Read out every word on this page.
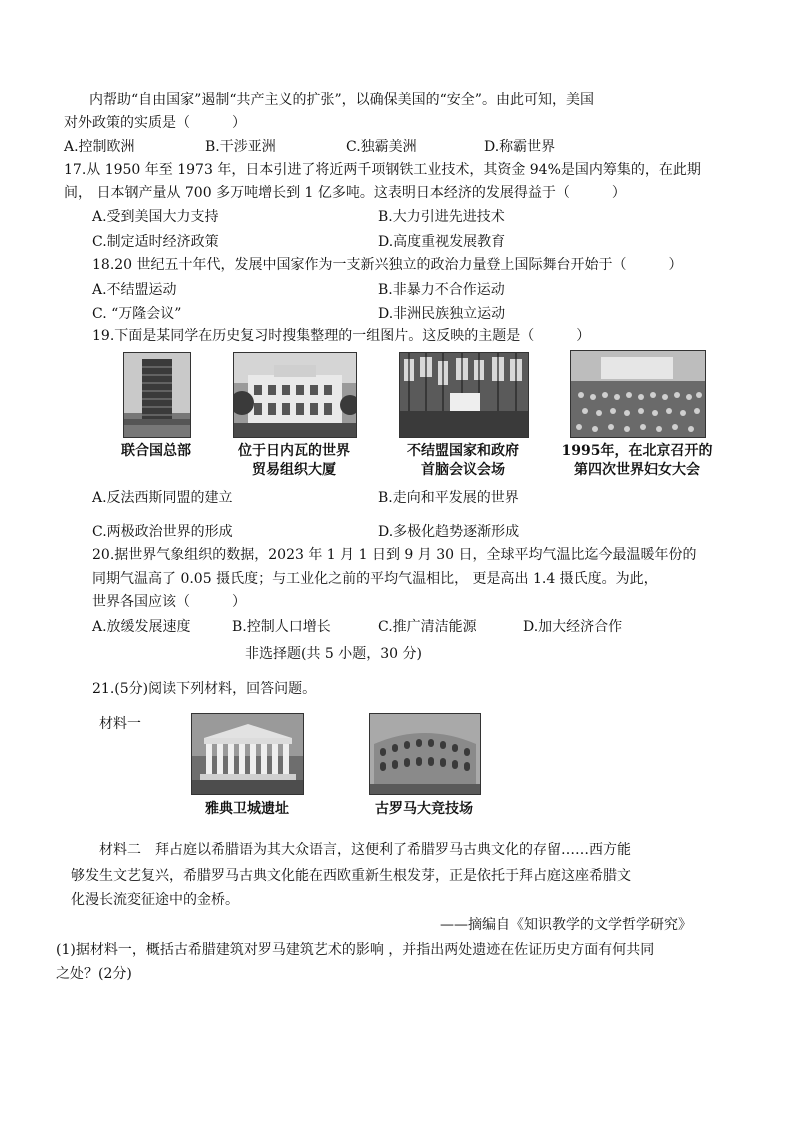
内帮助“自由国家”遏制“共产主义的扩张”，以确保美国的“安全”。由此可知，美国
对外政策的实质是（　　　）
A.控制欧洲	B.干涉亚洲	C.独霸美洲	D.称霸世界
17.从 1950 年至 1973 年，日本引进了将近两千项钢铁工业技术，其资金 94%是国内筹集的，在此期
间， 日本钢产量从 700 多万吨增长到 1 亿多吨。这表明日本经济的发展得益于（　　　）
A.受到美国大力支持	B.大力引进先进技术
C.制定适时经济政策	D.高度重视发展教育
18.20 世纪五十年代，发展中国家作为一支新兴独立的政治力量登上国际舞台开始于（　　　）
A.不结盟运动	B.非暴力不合作运动
C. “万隆会议”	D.非洲民族独立运动
19.下面是某同学在历史复习时搜集整理的一组图片。这反映的主题是（　　　）
联合国总部	位于日内瓦的世界
贸易组织大厦
不结盟国家和政府
首脑会议会场
1995年，在北京召开的
第四次世界妇女大会
A.反法西斯同盟的建立	B.走向和平发展的世界
C.两极政治世界的形成	D.多极化趋势逐渐形成
20.据世界气象组织的数据，2023 年 1 月 1 日到 9 月 30 日，全球平均气温比迄今最温暖年份的
同期气温高了 0.05 摄氏度；与工业化之前的平均气温相比， 更是高出 1.4 摄氏度。为此，
世界各国应该（　　　）
A.放缓发展速度	B.控制人口增长	C.推广清洁能源	D.加大经济合作
非选择题(共 5 小题，30 分)
21.(5分)阅读下列材料，回答问题。
材料一
雅典卫城遗址	古罗马大竞技场
材料二　拜占庭以希腊语为其大众语言，这便利了希腊罗马古典文化的存留……西方能
够发生文艺复兴，希腊罗马古典文化能在西欧重新生根发芽，正是依托于拜占庭这座希腊文
化漫长流変征途中的金桥。
——摘编自《知识教学的文学哲学研究》
(1)据材料一，概括古希腊建筑对罗马建筑艺术的影响 ，并指出两处遗迹在佐证历史方面有何共同
之处？(2分)
